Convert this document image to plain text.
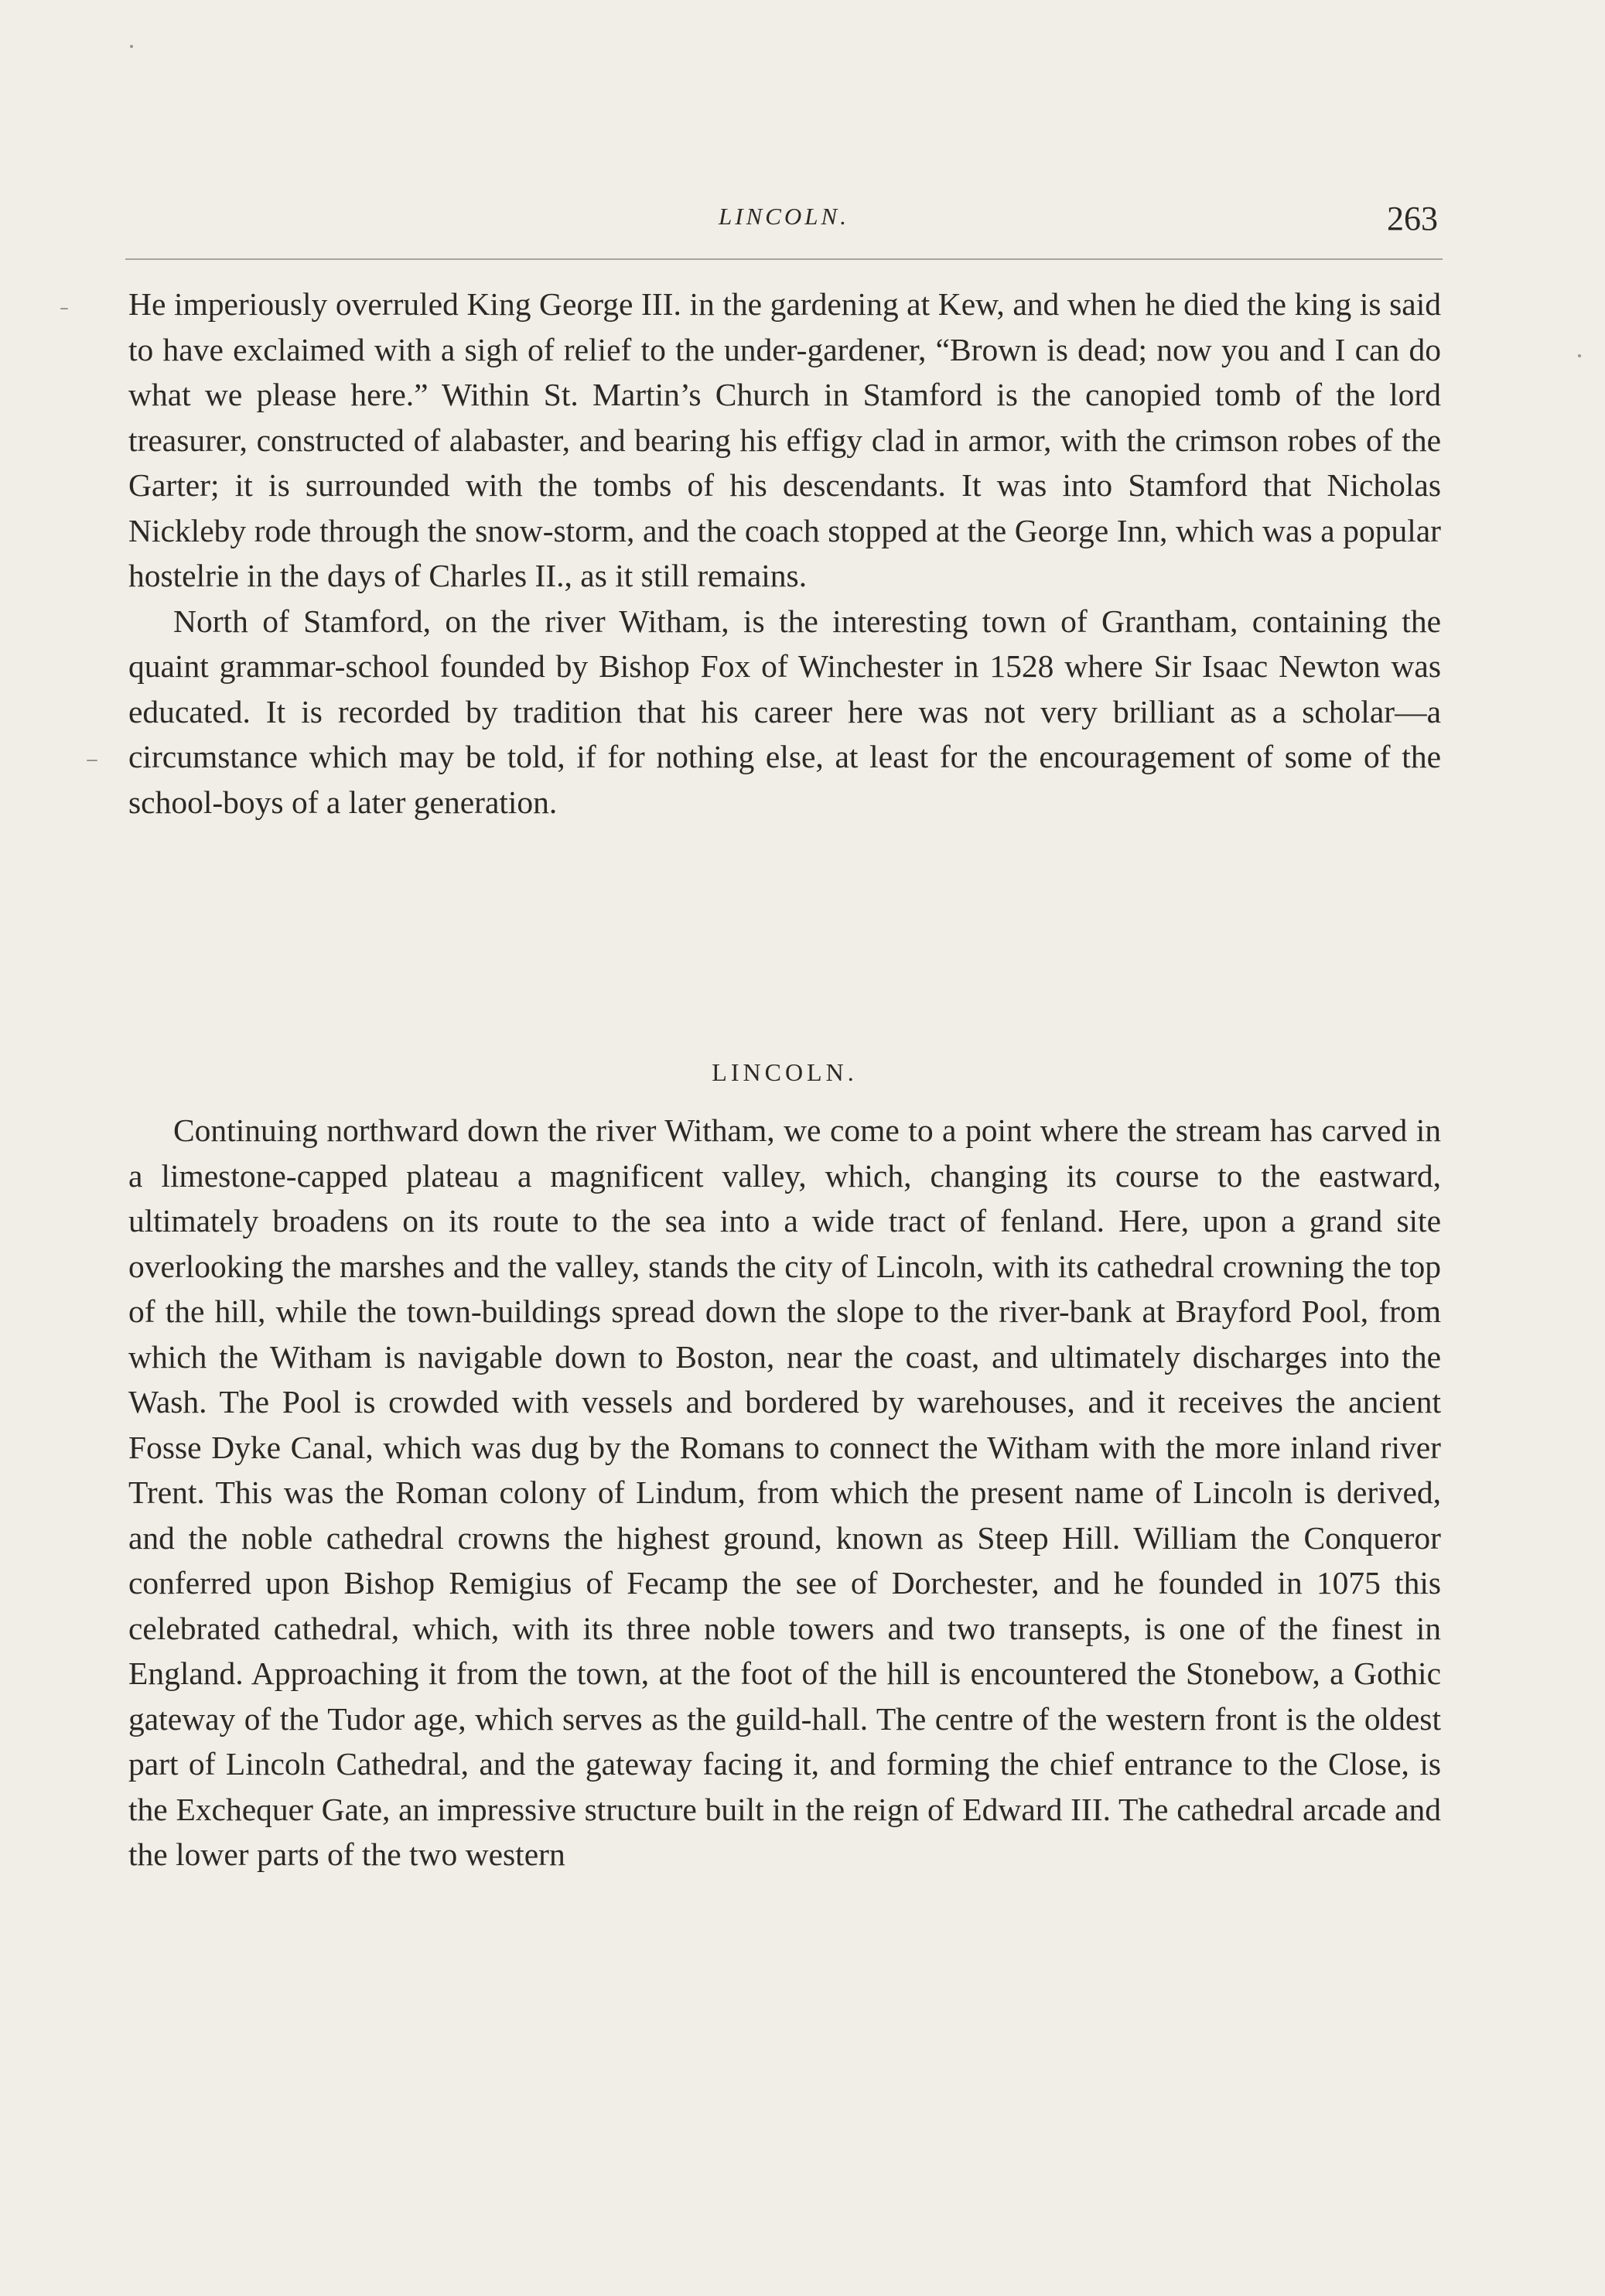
LINCOLN.	263

He imperiously overruled King George III. in the gardening at Kew, and when he died the king is said to have exclaimed with a sigh of relief to the under-gardener, “Brown is dead; now you and I can do what we please here.” Within St. Martin’s Church in Stamford is the canopied tomb of the lord treasurer, constructed of alabaster, and bearing his effigy clad in armor, with the crimson robes of the Garter; it is surrounded with the tombs of his descendants. It was into Stamford that Nicholas Nickleby rode through the snow-storm, and the coach stopped at the George Inn, which was a popular hostelrie in the days of Charles II., as it still remains.

North of Stamford, on the river Witham, is the interesting town of Grantham, containing the quaint grammar-school founded by Bishop Fox of Winchester in 1528 where Sir Isaac Newton was educated. It is recorded by tradition that his career here was not very brilliant as a scholar—a circumstance which may be told, if for nothing else, at least for the encouragement of some of the school-boys of a later generation.

LINCOLN.

Continuing northward down the river Witham, we come to a point where the stream has carved in a limestone-capped plateau a magnificent valley, which, changing its course to the eastward, ultimately broadens on its route to the sea into a wide tract of fenland. Here, upon a grand site overlooking the marshes and the valley, stands the city of Lincoln, with its cathedral crowning the top of the hill, while the town-buildings spread down the slope to the river-bank at Brayford Pool, from which the Witham is navigable down to Boston, near the coast, and ultimately discharges into the Wash. The Pool is crowded with vessels and bordered by warehouses, and it receives the ancient Fosse Dyke Canal, which was dug by the Romans to connect the Witham with the more inland river Trent. This was the Roman colony of Lindum, from which the present name of Lincoln is derived, and the noble cathedral crowns the highest ground, known as Steep Hill. William the Conqueror conferred upon Bishop Remigius of Fecamp the see of Dorchester, and he founded in 1075 this celebrated cathedral, which, with its three noble towers and two transepts, is one of the finest in England. Approaching it from the town, at the foot of the hill is encountered the Stonebow, a Gothic gateway of the Tudor age, which serves as the guild-hall. The centre of the western front is the oldest part of Lincoln Cathedral, and the gateway facing it, and forming the chief entrance to the Close, is the Exchequer Gate, an impressive structure built in the reign of Edward III. The cathedral arcade and the lower parts of the two western
